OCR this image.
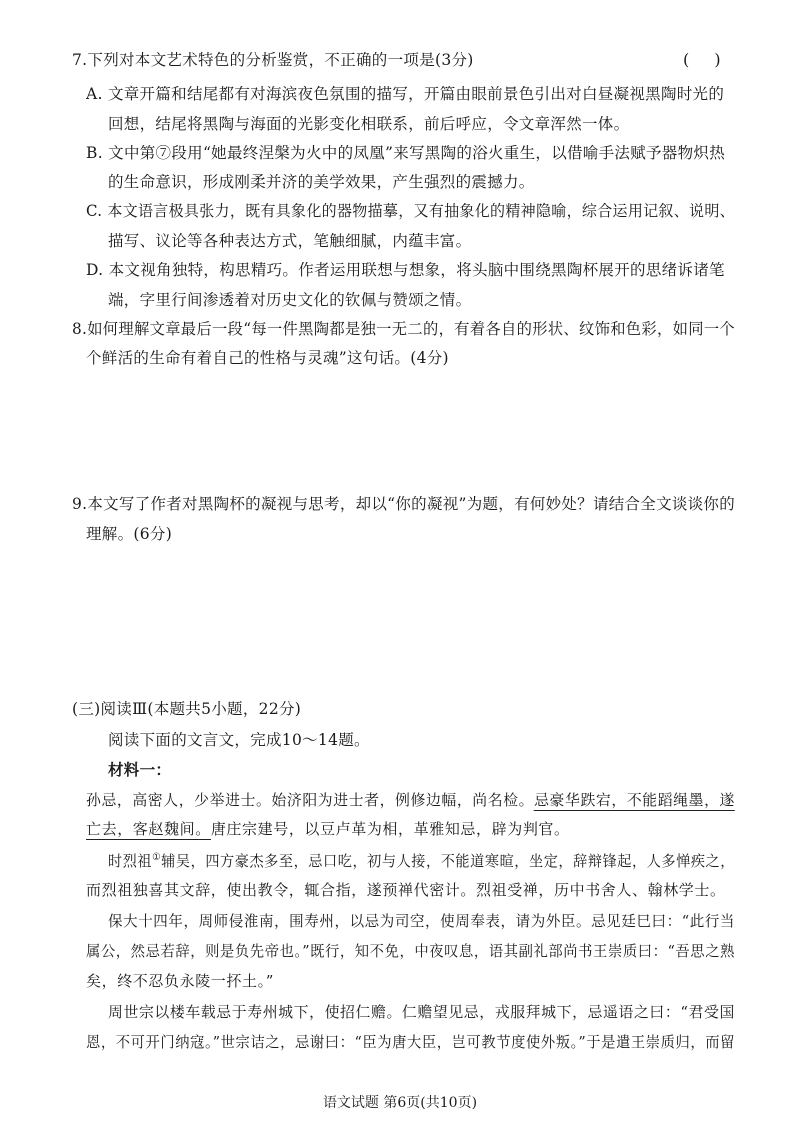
7.下列对本文艺术特色的分析鉴赏，不正确的一项是(3分)	( )
A. 文章开篇和结尾都有对海滨夜色氛围的描写，开篇由眼前景色引出对白昼凝视黑陶时光的
回想，结尾将黑陶与海面的光影变化相联系，前后呼应，令文章浑然一体。
B. 文中第⑦段用“她最终涅槃为火中的凤凰”来写黑陶的浴火重生，以借喻手法赋予器物炽热
的生命意识，形成刚柔并济的美学效果，产生强烈的震撼力。
C. 本文语言极具张力，既有具象化的器物描摹，又有抽象化的精神隐喻，综合运用记叙、说明、
描写、议论等各种表达方式，笔触细腻，内蕴丰富。
D. 本文视角独特，构思精巧。作者运用联想与想象，将头脑中围绕黑陶杯展开的思绪诉诸笔
端，字里行间渗透着对历史文化的钦佩与赞颂之情。
8.如何理解文章最后一段“每一件黑陶都是独一无二的，有着各自的形状、纹饰和色彩，如同一个
个鲜活的生命有着自己的性格与灵魂”这句话。(4分)
9.本文写了作者对黑陶杯的凝视与思考，却以“你的凝视”为题，有何妙处？请结合全文谈谈你的
理解。(6分)
(三)阅读Ⅲ(本题共5小题，22分)
阅读下面的文言文，完成10～14题。
材料一：
孙忌，高密人，少举进士。始济阳为进士者，例修边幅，尚名检。忌豪华跌宕，不能蹈绳墨，遂
亡去，客赵魏间。唐庄宗建号，以豆卢革为相，革雅知忌，辟为判官。
时烈祖①辅吴，四方豪杰多至，忌口吃，初与人接，不能道寒暄，坐定，辞辩锋起，人多惮疾之，
而烈祖独喜其文辞，使出教令，辄合指，遂预禅代密计。烈祖受禅，历中书舍人、翰林学士。
保大十四年，周师侵淮南，围寿州，以忌为司空，使周奉表，请为外臣。忌见廷巳曰：“此行当
属公，然忌若辞，则是负先帝也。”既行，知不免，中夜叹息，语其副礼部尚书王崇质曰：“吾思之熟
矣，终不忍负永陵一抔土。”
周世宗以楼车载忌于寿州城下，使招仁赡。仁赡望见忌，戎服拜城下，忌遥语之曰：“君受国
恩，不可开门纳寇。”世宗诘之，忌谢曰：“臣为唐大臣，岂可教节度使外叛。”于是遣王崇质归，而留
语文试题 第6页(共10页)
